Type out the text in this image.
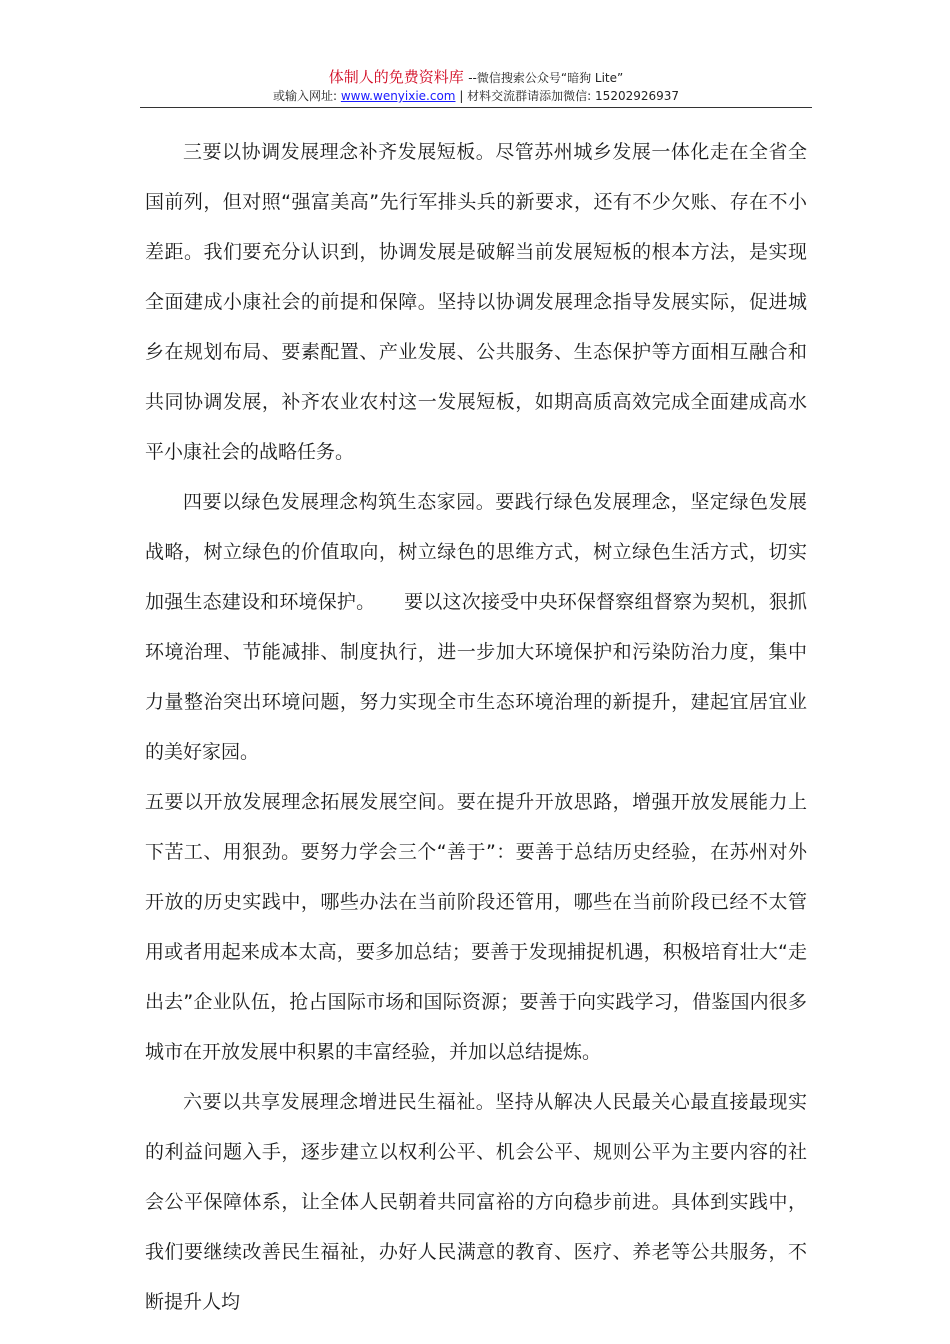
体制人的免费资料库 --微信搜索公众号“暗狗 Lite”
或输入网址: www.wenyixie.com | 材料交流群请添加微信: 15202926937

三要以协调发展理念补齐发展短板。尽管苏州城乡发展一体化走在全省全国前列，但对照“强富美高”先行军排头兵的新要求，还有不少欠账、存在不小差距。我们要充分认识到，协调发展是破解当前发展短板的根本方法，是实现全面建成小康社会的前提和保障。坚持以协调发展理念指导发展实际，促进城乡在规划布局、要素配置、产业发展、公共服务、生态保护等方面相互融合和共同协调发展，补齐农业农村这一发展短板，如期高质高效完成全面建成高水平小康社会的战略任务。

四要以绿色发展理念构筑生态家园。要践行绿色发展理念，坚定绿色发展战略，树立绿色的价值取向，树立绿色的思维方式，树立绿色生活方式，切实加强生态建设和环境保护。　　要以这次接受中央环保督察组督察为契机，狠抓环境治理、节能减排、制度执行，进一步加大环境保护和污染防治力度，集中力量整治突出环境问题，努力实现全市生态环境治理的新提升，建起宜居宜业的美好家园。

五要以开放发展理念拓展发展空间。要在提升开放思路，增强开放发展能力上下苦工、用狠劲。要努力学会三个“善于”：要善于总结历史经验，在苏州对外开放的历史实践中，哪些办法在当前阶段还管用，哪些在当前阶段已经不太管用或者用起来成本太高，要多加总结；要善于发现捕捉机遇，积极培育壮大“走出去”企业队伍，抢占国际市场和国际资源；要善于向实践学习，借鉴国内很多城市在开放发展中积累的丰富经验，并加以总结提炼。

六要以共享发展理念增进民生福祉。坚持从解决人民最关心最直接最现实的利益问题入手，逐步建立以权利公平、机会公平、规则公平为主要内容的社会公平保障体系，让全体人民朝着共同富裕的方向稳步前进。具体到实践中，我们要继续改善民生福祉，办好人民满意的教育、医疗、养老等公共服务，不断提升人均
